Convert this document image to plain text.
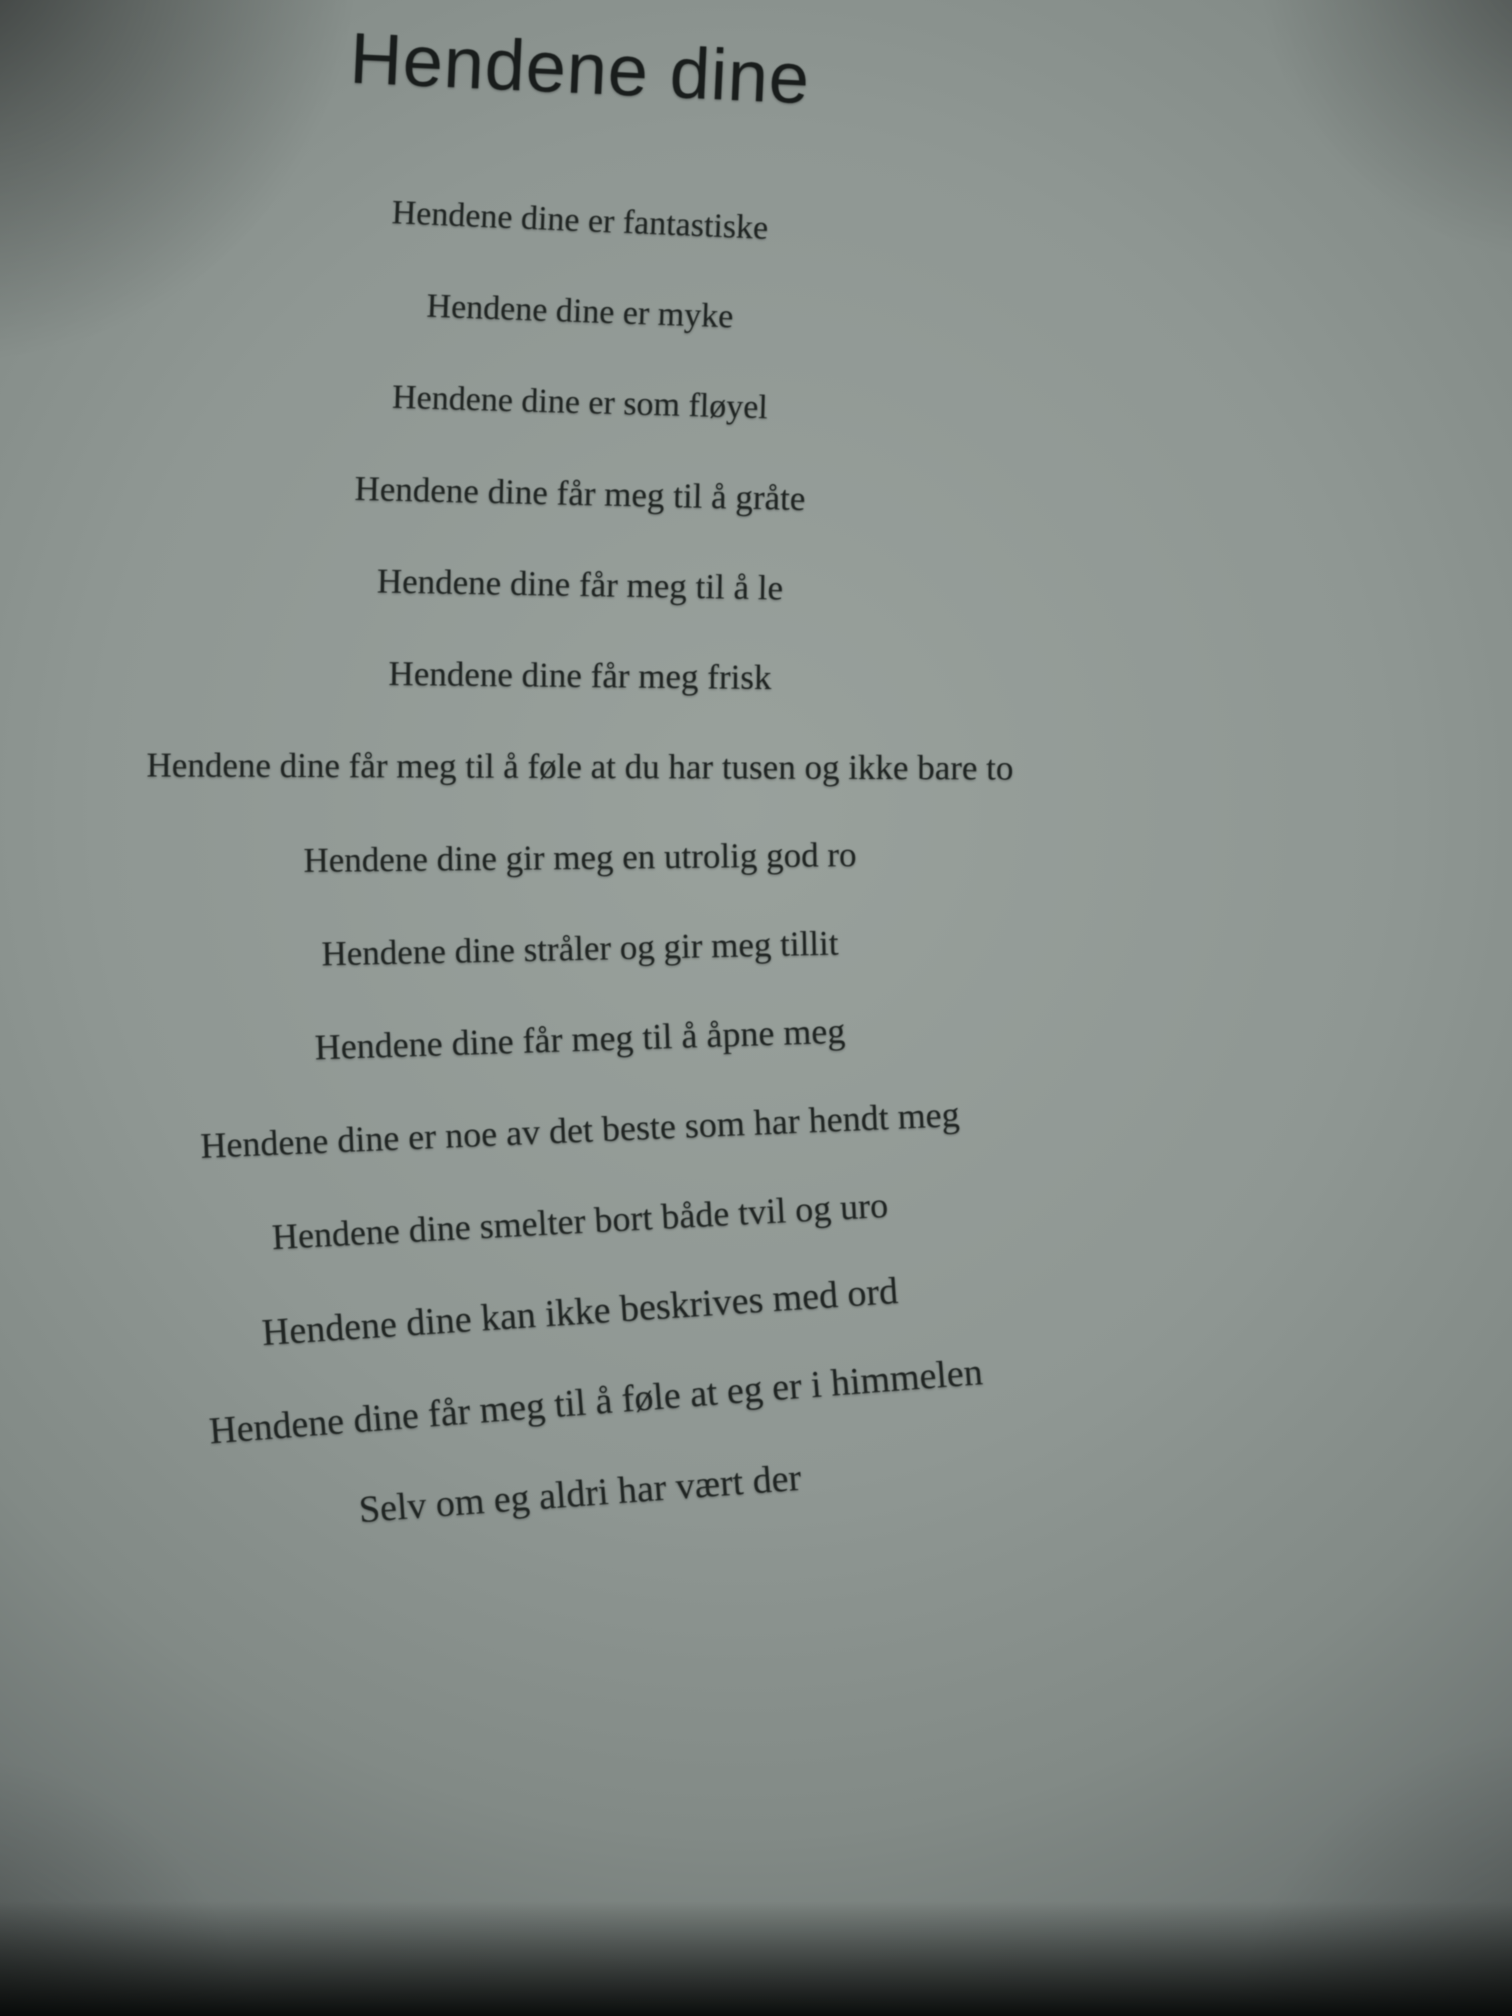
Hendene dine
Hendene dine er fantastiske
Hendene dine er myke
Hendene dine er som fløyel
Hendene dine får meg til å gråte
Hendene dine får meg til å le
Hendene dine får meg frisk
Hendene dine får meg til å føle at du har tusen og ikke bare to
Hendene dine gir meg en utrolig god ro
Hendene dine stråler og gir meg tillit
Hendene dine får meg til å åpne meg
Hendene dine er noe av det beste som har hendt meg
Hendene dine smelter bort både tvil og uro
Hendene dine kan ikke beskrives med ord
Hendene dine får meg til å føle at eg er i himmelen
Selv om eg aldri har vært der
